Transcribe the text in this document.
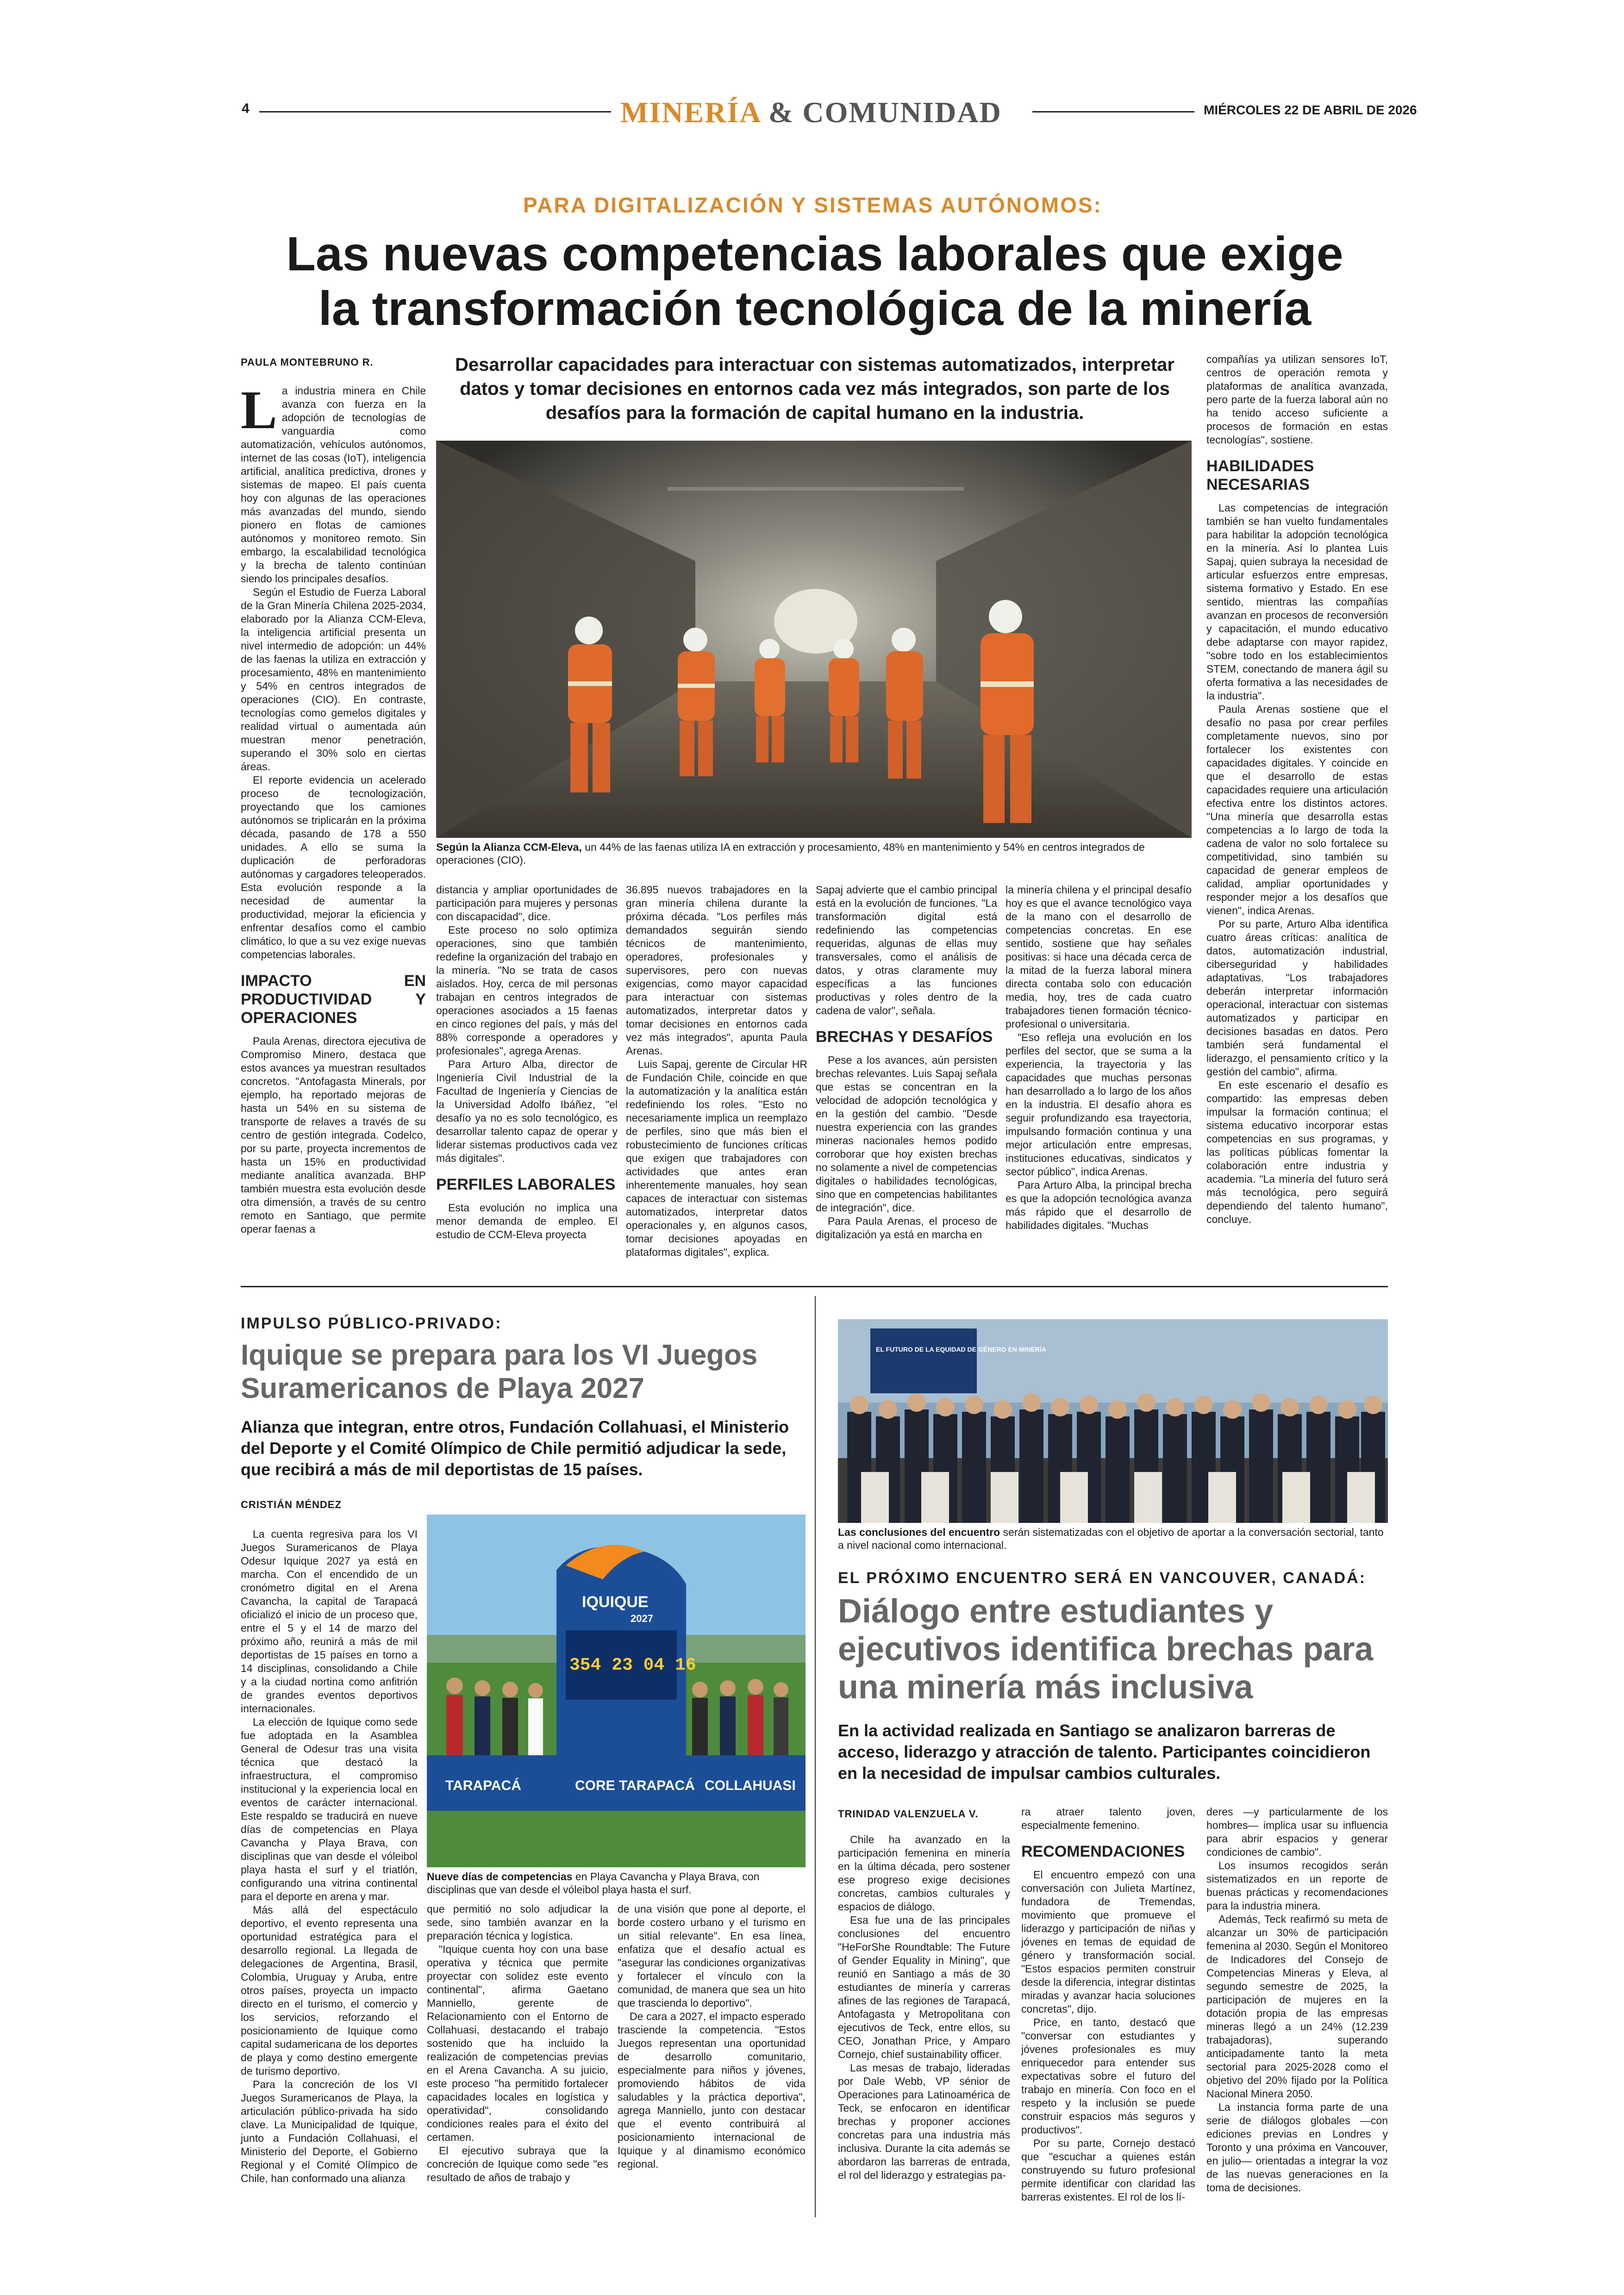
4	MINERÍA & COMUNIDAD	MIÉRCOLES 22 DE ABRIL DE 2026
PARA DIGITALIZACIÓN Y SISTEMAS AUTÓNOMOS:
Las nuevas competencias laborales que exige
la transformación tecnológica de la minería
PAULA MONTEBRUNO R.	Desarrollar capacidades para interactuar con sistemas automatizados, interpretar datos y tomar decisiones en entornos cada vez más integrados, son parte de los desafíos para la formación de capital humano en la industria.
Según la Alianza CCM-Eleva, un 44% de las faenas utiliza IA en extracción y procesamiento, 48% en mantenimiento y 54% en centros integrados de operaciones (CIO).
L a industria minera en Chile avanza con fuerza en la adopción de tecnologías de vanguardia como automatización, vehículos autónomos, internet de las cosas (IoT), inteligencia artificial, analítica predictiva, drones y sistemas de mapeo. El país cuenta hoy con algunas de las operaciones más avanzadas del mundo, siendo pionero en flotas de camiones autónomos y monitoreo remoto. Sin embargo, la escalabilidad tecnológica y la brecha de talento continúan siendo los principales desafíos.

Según el Estudio de Fuerza Laboral de la Gran Minería Chilena 2025-2034, elaborado por la Alianza CCM-Eleva, la inteligencia artificial presenta un nivel intermedio de adopción: un 44% de las faenas la utiliza en extracción y procesamiento, 48% en mantenimiento y 54% en centros integrados de operaciones (CIO). En contraste, tecnologías como gemelos digitales y realidad virtual o aumentada aún muestran menor penetración, superando el 30% solo en ciertas áreas.

El reporte evidencia un acelerado proceso de tecnologización, proyectando que los camiones autónomos se triplicarán en la próxima década, pasando de 178 a 550 unidades. A ello se suma la duplicación de perforadoras autónomas y cargadores teleoperados. Esta evolución responde a la necesidad de aumentar la productividad, mejorar la eficiencia y enfrentar desafíos como el cambio climático, lo que a su vez exige nuevas competencias laborales.

IMPACTO EN PRODUCTIVIDAD Y OPERACIONES

Paula Arenas, directora ejecutiva de Compromiso Minero, destaca que estos avances ya muestran resultados concretos. "Antofagasta Minerals, por ejemplo, ha reportado mejoras de hasta un 54% en su sistema de transporte de relaves a través de su centro de gestión integrada. Codelco, por su parte, proyecta incrementos de hasta un 15% en productividad mediante analítica avanzada. BHP también muestra esta evolución desde otra dimensión, a través de su centro remoto en Santiago, que permite operar faenas a

distancia y ampliar oportunidades de participación para mujeres y personas con discapacidad", dice.

Este proceso no solo optimiza operaciones, sino que también redefine la organización del trabajo en la minería. "No se trata de casos aislados. Hoy, cerca de mil personas trabajan en centros integrados de operaciones asociados a 15 faenas en cinco regiones del país, y más del 88% corresponde a operadores y profesionales", agrega Arenas.

Para Arturo Alba, director de Ingeniería Civil Industrial de la Facultad de Ingeniería y Ciencias de la Universidad Adolfo Ibáñez, "el desafío ya no es solo tecnológico, es desarrollar talento capaz de operar y liderar sistemas productivos cada vez más digitales".

PERFILES LABORALES

Esta evolución no implica una menor demanda de empleo. El estudio de CCM-Eleva proyecta

36.895 nuevos trabajadores en la gran minería chilena durante la próxima década. "Los perfiles más demandados seguirán siendo técnicos de mantenimiento, operadores, profesionales y supervisores, pero con nuevas exigencias, como mayor capacidad para interactuar con sistemas automatizados, interpretar datos y tomar decisiones en entornos cada vez más integrados", apunta Paula Arenas.

Luis Sapaj, gerente de Circular HR de Fundación Chile, coincide en que la automatización y la analítica están redefiniendo los roles. "Esto no necesariamente implica un reemplazo de perfiles, sino que más bien el robustecimiento de funciones críticas que exigen que trabajadores con actividades que antes eran inherentemente manuales, hoy sean capaces de interactuar con sistemas automatizados, interpretar datos operacionales y, en algunos casos, tomar decisiones apoyadas en plataformas digitales", explica.

Sapaj advierte que el cambio principal está en la evolución de funciones. "La transformación digital está redefiniendo las competencias requeridas, algunas de ellas muy transversales, como el análisis de datos, y otras claramente muy específicas a las funciones productivas y roles dentro de la cadena de valor", señala.

BRECHAS Y DESAFÍOS

Pese a los avances, aún persisten brechas relevantes. Luis Sapaj señala que estas se concentran en la velocidad de adopción tecnológica y en la gestión del cambio. "Desde nuestra experiencia con las grandes mineras nacionales hemos podido corroborar que hoy existen brechas no solamente a nivel de competencias digitales o habilidades tecnológicas, sino que en competencias habilitantes de integración", dice.

Para Paula Arenas, el proceso de digitalización ya está en marcha en

la minería chilena y el principal desafío hoy es que el avance tecnológico vaya de la mano con el desarrollo de competencias concretas. En ese sentido, sostiene que hay señales positivas: si hace una década cerca de la mitad de la fuerza laboral minera directa contaba solo con educación media, hoy, tres de cada cuatro trabajadores tienen formación técnico-profesional o universitaria.

"Eso refleja una evolución en los perfiles del sector, que se suma a la experiencia, la trayectoria y las capacidades que muchas personas han desarrollado a lo largo de los años en la industria. El desafío ahora es seguir profundizando esa trayectoria, impulsando formación continua y una mejor articulación entre empresas, instituciones educativas, sindicatos y sector público", indica Arenas.

Para Arturo Alba, la principal brecha es que la adopción tecnológica avanza más rápido que el desarrollo de habilidades digitales. "Muchas

compañías ya utilizan sensores IoT, centros de operación remota y plataformas de analítica avanzada, pero parte de la fuerza laboral aún no ha tenido acceso suficiente a procesos de formación en estas tecnologías", sostiene.

HABILIDADES NECESARIAS

Las competencias de integración también se han vuelto fundamentales para habilitar la adopción tecnológica en la minería. Así lo plantea Luis Sapaj, quien subraya la necesidad de articular esfuerzos entre empresas, sistema formativo y Estado. En ese sentido, mientras las compañías avanzan en procesos de reconversión y capacitación, el mundo educativo debe adaptarse con mayor rapidez, "sobre todo en los establecimientos STEM, conectando de manera ágil su oferta formativa a las necesidades de la industria".

Paula Arenas sostiene que el desafío no pasa por crear perfiles completamente nuevos, sino por fortalecer los existentes con capacidades digitales. Y coincide en que el desarrollo de estas capacidades requiere una articulación efectiva entre los distintos actores. "Una minería que desarrolla estas competencias a lo largo de toda la cadena de valor no solo fortalece su competitividad, sino también su capacidad de generar empleos de calidad, ampliar oportunidades y responder mejor a los desafíos que vienen", indica Arenas.

Por su parte, Arturo Alba identifica cuatro áreas críticas: analítica de datos, automatización industrial, ciberseguridad y habilidades adaptativas. "Los trabajadores deberán interpretar información operacional, interactuar con sistemas automatizados y participar en decisiones basadas en datos. Pero también será fundamental el liderazgo, el pensamiento crítico y la gestión del cambio", afirma.

En este escenario el desafío es compartido: las empresas deben impulsar la formación continua; el sistema educativo incorporar estas competencias en sus programas, y las políticas públicas fomentar la colaboración entre industria y academia. "La minería del futuro será más tecnológica, pero seguirá dependiendo del talento humano", concluye.

IMPULSO PÚBLICO-PRIVADO:
Iquique se prepara para los VI Juegos Suramericanos de Playa 2027
Alianza que integran, entre otros, Fundación Collahuasi, el Ministerio del Deporte y el Comité Olímpico de Chile permitió adjudicar la sede, que recibirá a más de mil deportistas de 15 países.
CRISTIÁN MÉNDEZ
IQUIQUE
2027
354 23 04 16
TARAPACÁ	CORE TARAPACÁ COLLAHUASI
Nueve días de competencias en Playa Cavancha y Playa Brava, con disciplinas que van desde el vóleibol playa hasta el surf.

La cuenta regresiva para los VI Juegos Suramericanos de Playa Odesur Iquique 2027 ya está en marcha. Con el encendido de un cronómetro digital en el Arena Cavancha, la capital de Tarapacá oficializó el inicio de un proceso que, entre el 5 y el 14 de marzo del próximo año, reunirá a más de mil deportistas de 15 países en torno a 14 disciplinas, consolidando a Chile y a la ciudad nortina como anfitrión de grandes eventos deportivos internacionales.

La elección de Iquique como sede fue adoptada en la Asamblea General de Odesur tras una visita técnica que destacó la infraestructura, el compromiso institucional y la experiencia local en eventos de carácter internacional. Este respaldo se traducirá en nueve días de competencias en Playa Cavancha y Playa Brava, con disciplinas que van desde el vóleibol playa hasta el surf y el triatlón, configurando una vitrina continental para el deporte en arena y mar.

Más allá del espectáculo deportivo, el evento representa una oportunidad estratégica para el desarrollo regional. La llegada de delegaciones de Argentina, Brasil, Colombia, Uruguay y Aruba, entre otros países, proyecta un impacto directo en el turismo, el comercio y los servicios, reforzando el posicionamiento de Iquique como capital sudamericana de los deportes de playa y como destino emergente de turismo deportivo.

Para la concreción de los VI Juegos Suramericanos de Playa, la articulación público-privada ha sido clave. La Municipalidad de Iquique, junto a Fundación Collahuasi, el Ministerio del Deporte, el Gobierno Regional y el Comité Olímpico de Chile, han conformado una alianza

que permitió no solo adjudicar la sede, sino también avanzar en la preparación técnica y logística.

"Iquique cuenta hoy con una base operativa y técnica que permite proyectar con solidez este evento continental", afirma Gaetano Manniello, gerente de Relacionamiento con el Entorno de Collahuasi, destacando el trabajo sostenido que ha incluido la realización de competencias previas en el Arena Cavancha. A su juicio, este proceso "ha permitido fortalecer capacidades locales en logística y operatividad", consolidando condiciones reales para el éxito del certamen.

El ejecutivo subraya que la concreción de Iquique como sede "es resultado de años de trabajo y

de una visión que pone al deporte, el borde costero urbano y el turismo en un sitial relevante". En esa línea, enfatiza que el desafío actual es "asegurar las condiciones organizativas y fortalecer el vínculo con la comunidad, de manera que sea un hito que trascienda lo deportivo".

De cara a 2027, el impacto esperado trasciende la competencia. "Estos Juegos representan una oportunidad de desarrollo comunitario, especialmente para niños y jóvenes, promoviendo hábitos de vida saludables y la práctica deportiva", agrega Manniello, junto con destacar que el evento contribuirá al posicionamiento internacional de Iquique y al dinamismo económico regional.

EL FUTURO DE LA EQUIDAD DE GÉNERO EN MINERÍA
Las conclusiones del encuentro serán sistematizadas con el objetivo de aportar a la conversación sectorial, tanto a nivel nacional como internacional.
EL PRÓXIMO ENCUENTRO SERÁ EN VANCOUVER, CANADÁ:
Diálogo entre estudiantes y ejecutivos identifica brechas para una minería más inclusiva
En la actividad realizada en Santiago se analizaron barreras de acceso, liderazgo y atracción de talento. Participantes coincidieron en la necesidad de impulsar cambios culturales.
TRINIDAD VALENZUELA V.

Chile ha avanzado en la participación femenina en minería en la última década, pero sostener ese progreso exige decisiones concretas, cambios culturales y espacios de diálogo.

Esa fue una de las principales conclusiones del encuentro "HeForShe Roundtable: The Future of Gender Equality in Mining", que reunió en Santiago a más de 30 estudiantes de minería y carreras afines de las regiones de Tarapacá, Antofagasta y Metropolitana con ejecutivos de Teck, entre ellos, su CEO, Jonathan Price, y Amparo Cornejo, chief sustainability officer.

Las mesas de trabajo, lideradas por Dale Webb, VP sénior de Operaciones para Latinoamérica de Teck, se enfocaron en identificar brechas y proponer acciones concretas para una industria más inclusiva. Durante la cita además se abordaron las barreras de entrada, el rol del liderazgo y estrategias pa-

ra atraer talento joven, especialmente femenino.

RECOMENDACIONES

El encuentro empezó con una conversación con Julieta Martínez, fundadora de Tremendas, movimiento que promueve el liderazgo y participación de niñas y jóvenes en temas de equidad de género y transformación social. "Estos espacios permiten construir desde la diferencia, integrar distintas miradas y avanzar hacia soluciones concretas", dijo.

Price, en tanto, destacó que "conversar con estudiantes y jóvenes profesionales es muy enriquecedor para entender sus expectativas sobre el futuro del trabajo en minería. Con foco en el respeto y la inclusión se puede construir espacios más seguros y productivos".

Por su parte, Cornejo destacó que "escuchar a quienes están construyendo su futuro profesional permite identificar con claridad las barreras existentes. El rol de los lí-

deres —y particularmente de los hombres— implica usar su influencia para abrir espacios y generar condiciones de cambio".

Los insumos recogidos serán sistematizados en un reporte de buenas prácticas y recomendaciones para la industria minera.

Además, Teck reafirmó su meta de alcanzar un 30% de participación femenina al 2030. Según el Monitoreo de Indicadores del Consejo de Competencias Mineras y Eleva, al segundo semestre de 2025, la participación de mujeres en la dotación propia de las empresas mineras llegó a un 24% (12.239 trabajadoras), superando anticipadamente tanto la meta sectorial para 2025-2028 como el objetivo del 20% fijado por la Política Nacional Minera 2050.

La instancia forma parte de una serie de diálogos globales —con ediciones previas en Londres y Toronto y una próxima en Vancouver, en julio— orientadas a integrar la voz de las nuevas generaciones en la toma de decisiones.
